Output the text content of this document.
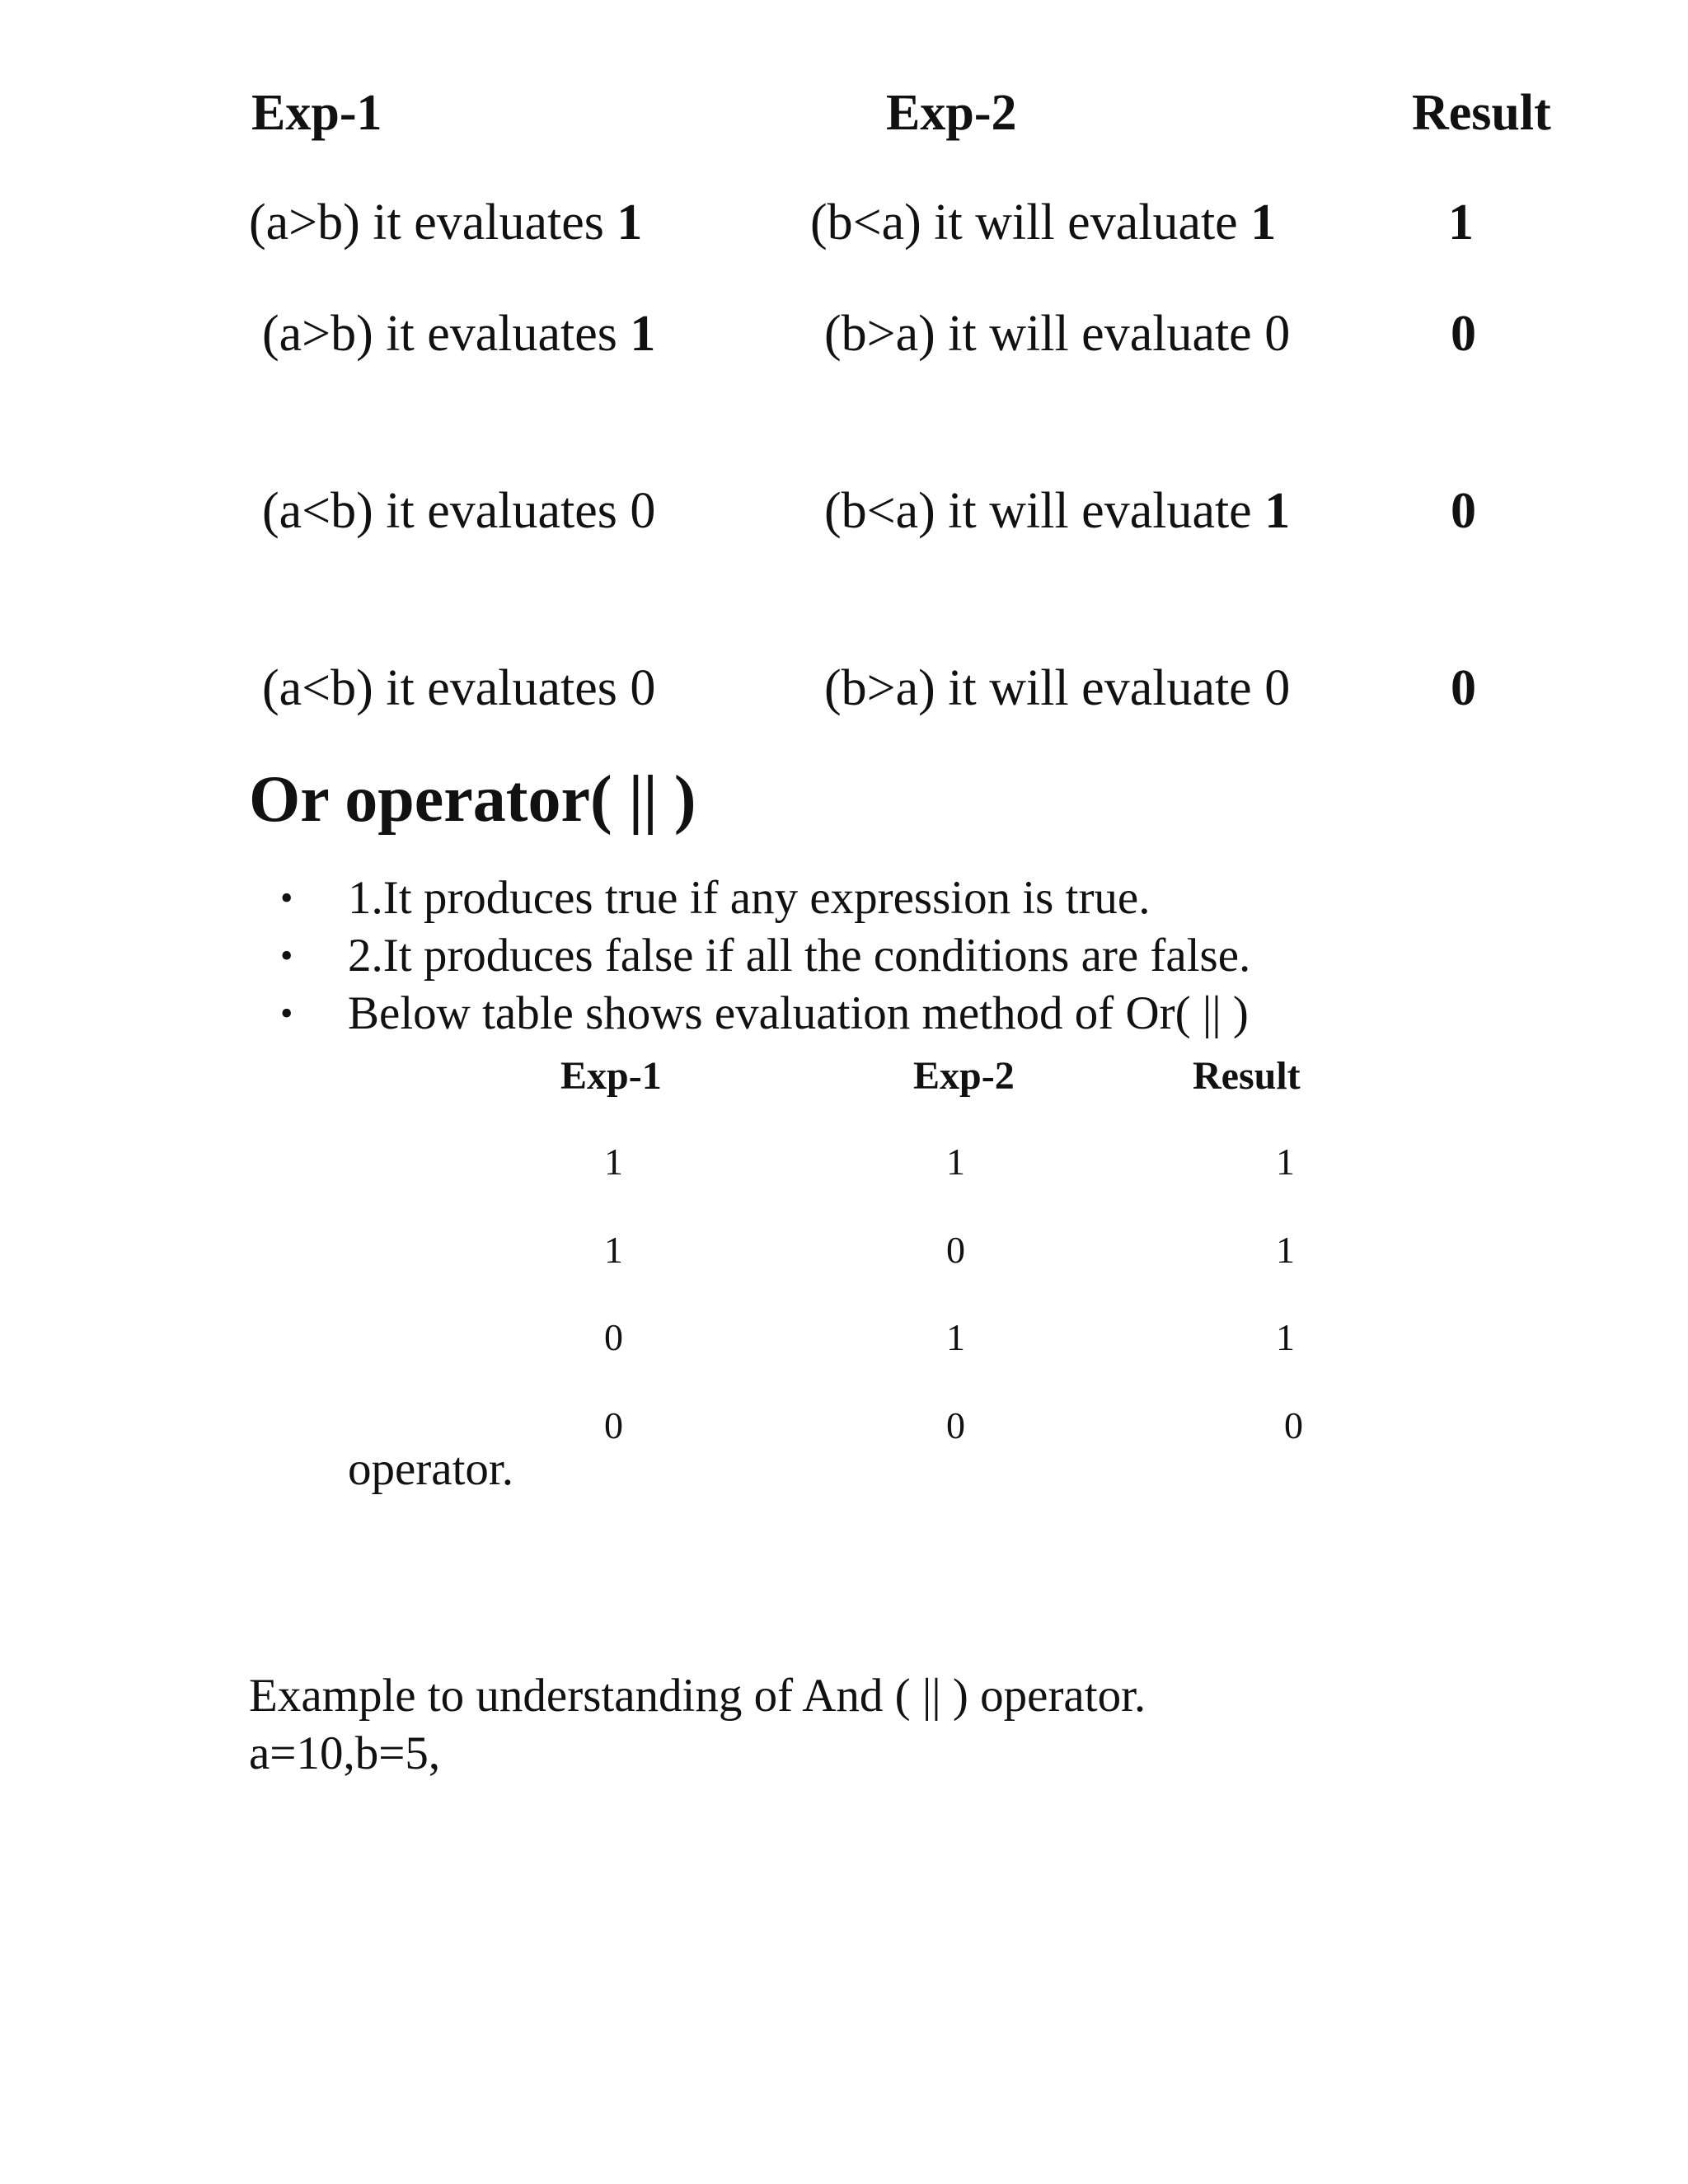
Exp-1	Exp-2	Result
(a>b) it evaluates 1	(b<a) it will evaluate 1	1
(a>b) it evaluates 1	(b>a) it will evaluate 0	0
(a<b) it evaluates 0	(b<a) it will evaluate 1	0
(a<b) it evaluates 0	(b>a) it will evaluate 0	0
Or operator( || )
• 1.It produces true if any expression is true.
• 2.It produces false if all the conditions are false.
• Below table shows evaluation method of Or( || )
Exp-1	Exp-2	Result
1	1	1
1	0	1
0	1	1
0	0	0
operator.
Example to understanding of And ( || ) operator.
a=10,b=5,
